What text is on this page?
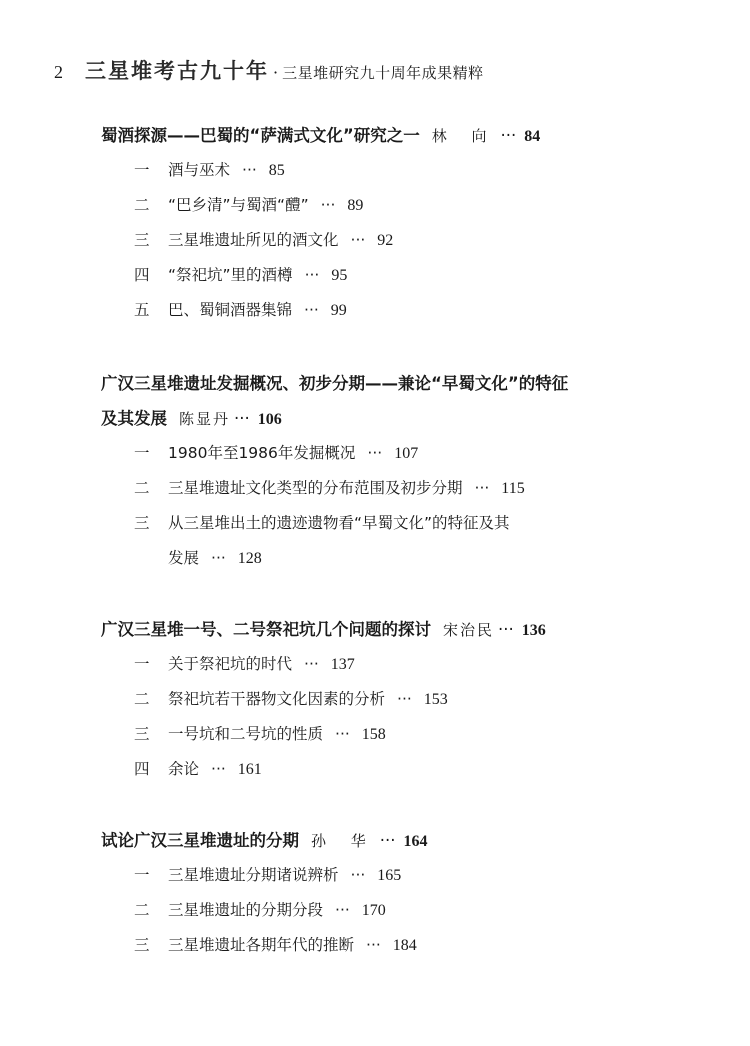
2 三星堆考古九十年 · 三星堆研究九十周年成果精粹
蜀酒探源——巴蜀的“萨满式文化”研究之一 林 向 ··· 84
一	酒与巫术 ··· 85
二	“巴乡清”与蜀酒“醴” ··· 89
三	三星堆遗址所见的酒文化 ··· 92
四	“祭祀坑”里的酒樽 ··· 95
五	巴、蜀铜酒器集锦 ··· 99
广汉三星堆遗址发掘概况、初步分期——兼论“早蜀文化”的特征
及其发展 陈显丹 ··· 106
一	1980年至1986年发掘概况 ··· 107
二	三星堆遗址文化类型的分布范围及初步分期 ··· 115
三	从三星堆出土的遗迹遗物看“早蜀文化”的特征及其
发展 ··· 128
广汉三星堆一号、二号祭祀坑几个问题的探讨 宋治民 ··· 136
一	关于祭祀坑的时代 ··· 137
二	祭祀坑若干器物文化因素的分析 ··· 153
三	一号坑和二号坑的性质 ··· 158
四	余论 ··· 161
试论广汉三星堆遗址的分期 孙 华 ··· 164
一	三星堆遗址分期诸说辨析 ··· 165
二	三星堆遗址的分期分段 ··· 170
三	三星堆遗址各期年代的推断 ··· 184
